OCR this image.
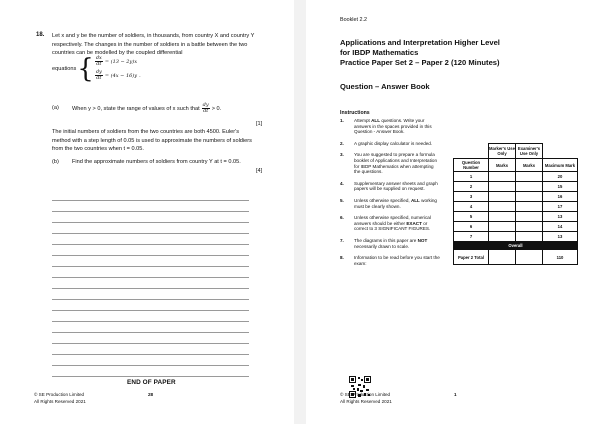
18. Let x and y be the number of soldiers, in thousands, from country X and country Y respectively. The changes in the number of soldiers in a battle between the two countries can be modelled by the coupled differential
equations { $\frac{dx}{dt} = (13 - 2y)x$
$\frac{dy}{dt} = (4x - 16)y$ .
(a) When y > 0, state the range of values of x such that $\frac{dy}{dt} > 0$.
[1]
The initial numbers of soldiers from the two countries are both 4500. Euler's method with a step length of 0.05 is used to approximate the numbers of soldiers from the two countries when t = 0.05.
(b) Find the approximate numbers of soldiers from country Y at t = 0.05.
[4]
END OF PAPER
© SE Production Limited
All Rights Reserved 2021
28
Booklet 2.2
Applications and Interpretation Higher Level
for IBDP Mathematics
Practice Paper Set 2 – Paper 2 (120 Minutes)
Question – Answer Book
Instructions
1.	Attempt ALL questions. Write your answers in the spaces provided in this Question - Answer Book.
2.	A graphic display calculator is needed.
3.	You are suggested to prepare a formula booklet of Applications and Interpretation for IBDP Mathematics when attempting the questions.
4.	Supplementary answer sheets and graph papers will be supplied on request.
5.	Unless otherwise specified, ALL working must be clearly shown.
6.	Unless otherwise specified, numerical answers should be either EXACT or correct to 3 SIGNIFICANT FIGURES.
7.	The diagrams in this paper are NOT necessarily drawn to scale.
8.	Information to be read before you start the exam:
	Marker's Use Only	Examiner's Use Only	
Question Number	Marks	Marks	Maximum Mark
1			20
2			15
3			16
4			17
5			13
6			14
7			13
Overall			
Paper 2 Total			110
© SE Production Limited
All Rights Reserved 2021
1
